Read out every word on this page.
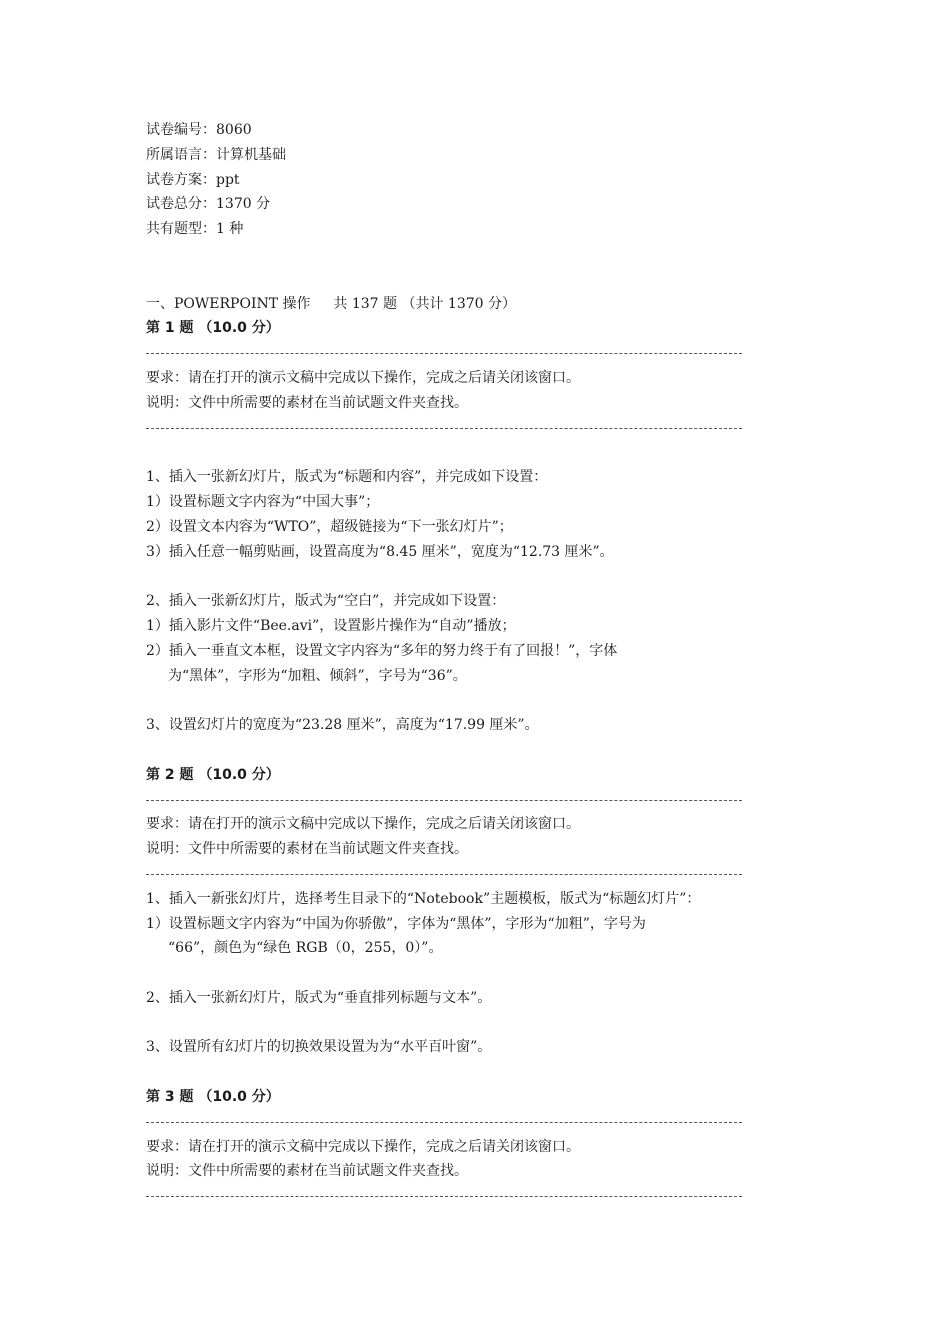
试卷编号：8060
所属语言：计算机基础
试卷方案：ppt
试卷总分：1370 分
共有题型：1 种
一、POWERPOINT 操作　  共 137 题 （共计 1370 分）
第 1 题 （10.0 分）
要求：请在打开的演示文稿中完成以下操作，完成之后请关闭该窗口。
说明：文件中所需要的素材在当前试题文件夹查找。
1、插入一张新幻灯片，版式为“标题和内容”，并完成如下设置：
1）设置标题文字内容为“中国大事”；
2）设置文本内容为“WTO”，超级链接为“下一张幻灯片”；
3）插入任意一幅剪贴画，设置高度为“8.45 厘米”，宽度为“12.73 厘米”。
2、插入一张新幻灯片，版式为“空白”，并完成如下设置：
1）插入影片文件“Bee.avi”，设置影片操作为“自动”播放；
2）插入一垂直文本框，设置文字内容为“多年的努力终于有了回报！”，字体
为“黑体”，字形为“加粗、倾斜”，字号为“36”。
3、设置幻灯片的宽度为“23.28 厘米”，高度为“17.99 厘米”。
第 2 题 （10.0 分）
要求：请在打开的演示文稿中完成以下操作，完成之后请关闭该窗口。
说明：文件中所需要的素材在当前试题文件夹查找。
1、插入一新张幻灯片，选择考生目录下的“Notebook”主题模板，版式为“标题幻灯片”：
1）设置标题文字内容为“中国为你骄傲”，字体为“黑体”，字形为“加粗”，字号为
“66”，颜色为“绿色 RGB（0，255，0）”。
2、插入一张新幻灯片，版式为“垂直排列标题与文本”。
3、设置所有幻灯片的切换效果设置为为“水平百叶窗”。
第 3 题 （10.0 分）
要求：请在打开的演示文稿中完成以下操作，完成之后请关闭该窗口。
说明：文件中所需要的素材在当前试题文件夹查找。
